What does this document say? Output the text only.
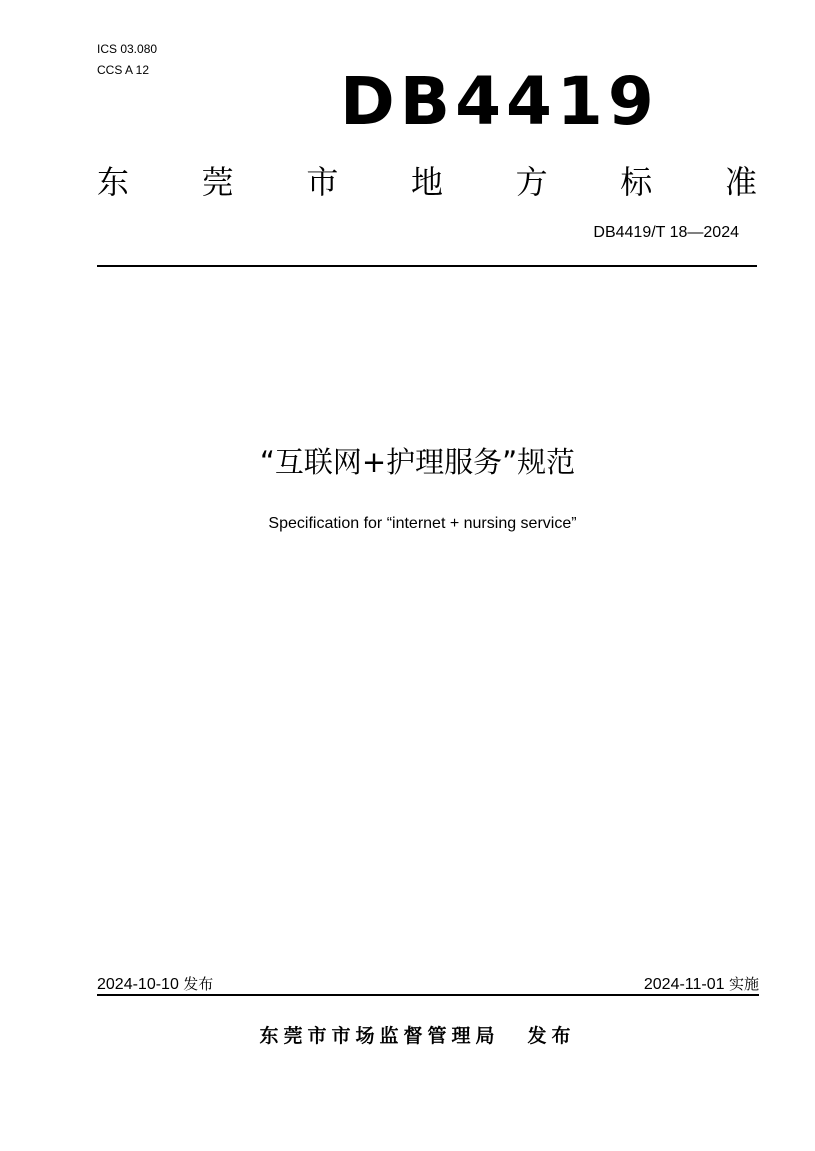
ICS 03.080
CCS A 12	DB4419
东 莞 市 地 方 标 准
DB4419/T 18—2024
“互联网+护理服务”规范
Specification for “internet + nursing service”
2024-10-10 发布	2024-11-01 实施
东莞市市场监督管理局 发布
